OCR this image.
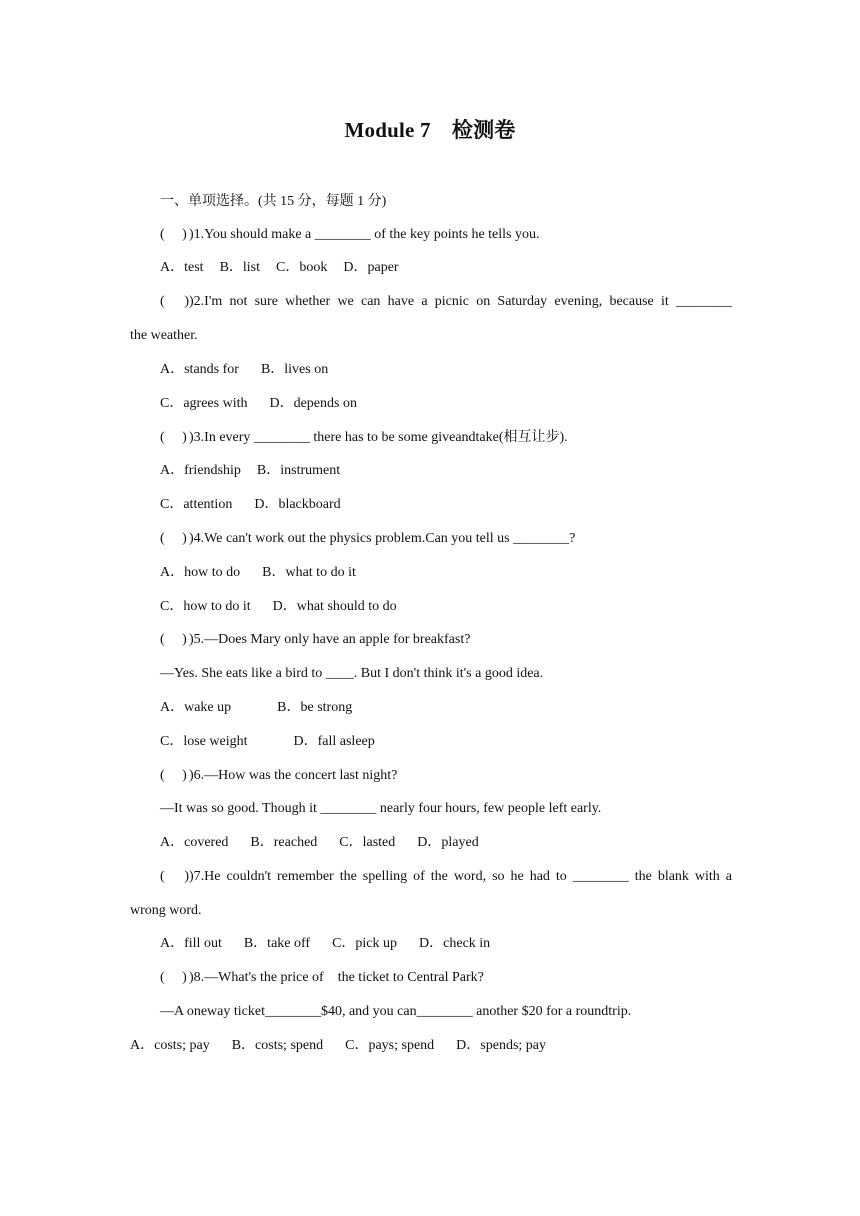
Module 7　检测卷
一、单项选择。(共 15 分，每题 1 分)
(　 ) )1.You should make a ________ of the key points he tells you.
A．test B．list C．book D．paper
(　 ))2.I'm not sure whether we can have a picnic on Saturday evening, because it ________
the weather.
A．stands for B．lives on
C．agrees with D．depends on
(　 ) )3.In every ________ there has to be some giveandtake(相互让步).
A．friendship B．instrument
C．attention D．blackboard
(　 ) )4.We can't work out the physics problem.Can you tell us ________?
A．how to do B．what to do it
C．how to do it D．what should to do
(　 ) )5.—Does Mary only have an apple for breakfast?
—Yes. She eats like a bird to ____. But I don't think it's a good idea.
A．wake up	B．be strong
C．lose weight	D．fall asleep
(　 ) )6.—How was the concert last night?
—It was so good. Though it ________ nearly four hours, few people left early.
A．covered B．reached C．lasted D．played
(　 ))7.He couldn't remember the spelling of the word, so he had to ________ the blank with a
wrong word.
A．fill out B．take off C．pick up D．check in
(　 ) )8.—What's the price of　the ticket to Central Park?
—A oneway ticket________$40, and you can________ another $20 for a roundtrip.
A．costs; pay B．costs; spend C．pays; spend D．spends; pay
